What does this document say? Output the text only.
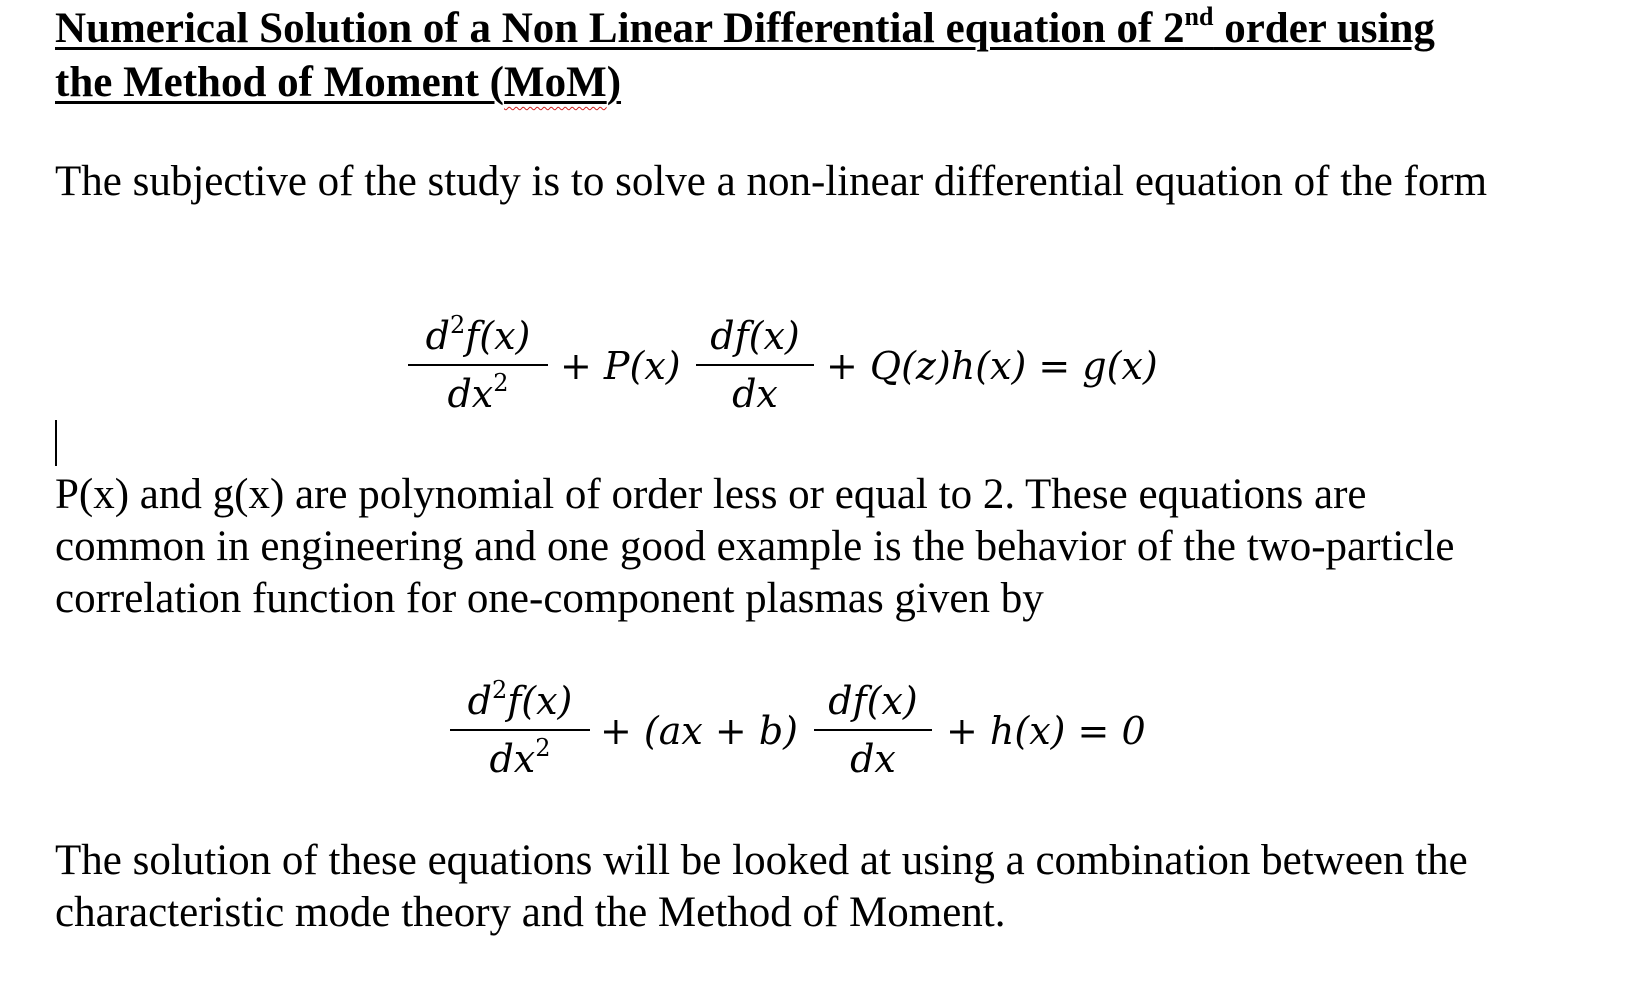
Numerical Solution of a Non Linear Differential equation of 2nd order using
the Method of Moment (MoM)

The subjective of the study is to solve a non-linear differential equation of the form

$d^2f(x)$
$dx^2$	+ P(x)
df(x)
dx
+ Q(z)h(x) = g(x)

P(x) and g(x) are polynomial of order less or equal to 2. These equations are

common in engineering and one good example is the behavior of the two-particle

correlation function for one-component plasmas given by

$d^2f(x)$
$dx^2$	+ (ax + b)
df(x)
dx
+ h(x) = 0

The solution of these equations will be looked at using a combination between the

characteristic mode theory and the Method of Moment.
